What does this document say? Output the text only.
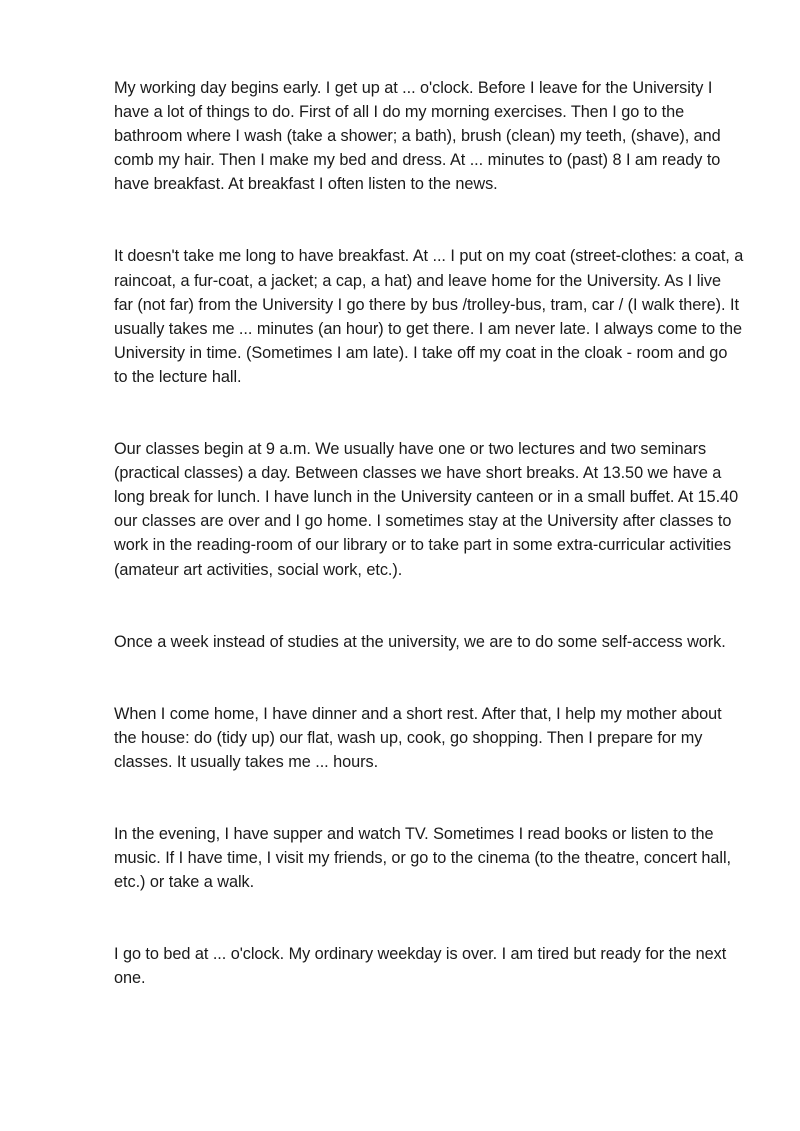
My working day begins early. I get up at ... o'clock. Before I leave for the University I have a lot of things to do. First of all I do my morning exercises. Then I go to the bathroom where I wash (take a shower; a bath), brush (clean) my teeth, (shave), and comb my hair. Then I make my bed and dress. At ... minutes to (past) 8 I am ready to have breakfast. At breakfast I often listen to the news.

It doesn't take me long to have breakfast. At ... I put on my coat (street-clothes: a coat, a raincoat, a fur-coat, a jacket; a cap, a hat) and leave home for the University. As I live far (not far) from the University I go there by bus /trolley-bus, tram, car / (I walk there). It usually takes me ... minutes (an hour) to get there. I am never late. I always come to the University in time. (Sometimes I am late). I take off my coat in the cloak - room and go to the lecture hall.

Our classes begin at 9 a.m. We usually have one or two lectures and two seminars (practical classes) a day. Between classes we have short breaks. At 13.50 we have a long break for lunch. I have lunch in the University canteen or in a small buffet. At 15.40 our classes are over and I go home. I sometimes stay at the University after classes to work in the reading-room of our library or to take part in some extra-curricular activities (amateur art activities, social work, etc.).

Once a week instead of studies at the university, we are to do some self-access work.

When I come home, I have dinner and a short rest. After that, I help my mother about the house: do (tidy up) our flat, wash up, cook, go shopping. Then I prepare for my classes. It usually takes me ... hours.

In the evening, I have supper and watch TV. Sometimes I read books or listen to the music. If I have time, I visit my friends, or go to the cinema (to the theatre, concert hall, etc.) or take a walk.

I go to bed at ... o'clock. My ordinary weekday is over. I am tired but ready for the next one.
